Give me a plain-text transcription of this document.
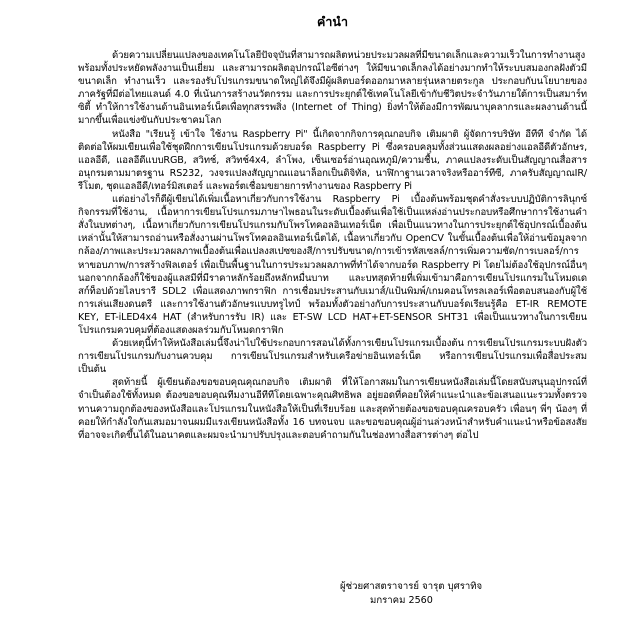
คำนำ

ด้วยความเปลี่ยนแปลงของเทคโนโลยีปัจจุบันที่สามารถผลิตหน่วยประมวลผลที่มีขนาดเล็กและความเร็วในการทำงานสูงพร้อมทั้งประหยัดพลังงานเป็นเยี่ยม และสามารถผลิตอุปกรณ์ไอซีต่างๆ ให้มีขนาดเล็กลงได้อย่างมากทำให้ระบบสมองกลฝังตัวมีขนาดเล็ก ทำงานเร็ว และรองรับโปรแกรมขนาดใหญ่ได้จึงมีผู้ผลิตบอร์ดออกมาหลายรุ่นหลายตระกูล ประกอบกับนโยบายของภาครัฐที่มีต่อไทยแลนด์ 4.0 ที่เน้นการสร้างนวัตกรรม และการประยุกต์ใช้เทคโนโลยีเข้ากับชีวิตประจำวันภายใต้การเป็นสมาร์ทซิตี้ ทำให้การใช้งานด้านอินเทอร์เน็ตเพื่อทุกสรรพสิ่ง (Internet of Thing) ยิ่งทำให้ต้องมีการพัฒนาบุคลากรและผลงานด้านนี้มากขึ้นเพื่อแข่งขันกับประชาคมโลก

หนังสือ "เรียนรู้ เข้าใจ ใช้งาน Raspberry Pi" นี้เกิดจากกิจการคุณกอบกิจ เติมผาติ ผู้จัดการบริษัท อีทีที จำกัด ได้ติดต่อให้ผมเขียนเพื่อใช้ชุดฝึกการเขียนโปรแกรมด้วยบอร์ด Raspberry Pi ซึ่งครอบคลุมทั้งส่วนแสดงผลอย่างแอลอีดีตัวอักษร, แอลอีดี, แอลอีดีแบบRGB, สวิทช์, สวิทช์4x4, ลำโพง, เซ็นเซอร์อ่านอุณหภูมิ/ความชื้น, ภาคแปลงระดับเป็นสัญญาณสื่อสารอนุกรมตามมาตรฐาน RS232, วงจรแปลงสัญญาณแอนาล็อกเป็นดิจิทัล, นาฬิกาฐานเวลาจริงหรืออาร์ทีซี, ภาครับสัญญาณIR/รีโมต, ชุดแอลอีดี/เทอร์มิสเตอร์ และพอร์ตเชื่อมขยายการทำงานของ Raspberry Pi

แต่อย่างไรก็ดีผู้เขียนได้เพิ่มเนื้อหาเกี่ยวกับการใช้งาน Raspberry Pi เบื้องต้นพร้อมชุดคำสั่งระบบปฏิบัติการลินุกซ์กิจกรรมที่ใช้งาน, เนื้อหาการเขียนโปรแกรมภาษาไพธอนในระดับเบื้องต้นเพื่อใช้เป็นแหล่งอ่านประกอบหรือศึกษาการใช้งานคำสั่งในบทต่างๆ, เนื้อหาเกี่ยวกับการเขียนโปรแกรมกับโพรโทคอลอินเทอร์เน็ต เพื่อเป็นแนวทางในการประยุกต์ใช้อุปกรณ์เบื้องต้นเหล่านั้นให้สามารถอ่านหรือสั่งงานผ่านโพรโทคอลอินเทอร์เน็ตได้, เนื้อหาเกี่ยวกับ OpenCV ในขั้นเบื้องต้นเพื่อให้อ่านข้อมูลจากกล้อง/ภาพและประมวลผลภาพเบื้องต้นเพื่อแปลงสเปซของสี/การปรับขนาด/การเข้ารหัสเซลล์/การเพิ่มความชัด/การเบลอร์/การหาขอบภาพ/การสร้างฟิลเตอร์ เพื่อเป็นพื้นฐานในการประมวลผลภาพที่ทำได้จากบอร์ด Raspberry Pi โดยไม่ต้องใช้อุปกรณ์อื่นๆ นอกจากกล้องก็ใช้ของผู้แลสมีที่มีราคาหลักร้อยถึงหลักหมื่นบาท และบทสุดท้ายที่เพิ่มเข้ามาคือการเขียนโปรแกรมในโหมดเดสก์ท็อปด้วยไลบรารี SDL2 เพื่อแสดงภาพกราฟิก การเชื่อมประสานกับเมาส์/แป้นพิมพ์/เกมคอนโทรลเลอร์เพื่อตอบสนองกับผู้ใช้ การเล่นเสียงดนตรี และการใช้งานตัวอักษรแบบทรูไทป์ พร้อมทั้งตัวอย่างกับการประสานกับบอร์ดเรียนรู้คือ ET-IR REMOTE KEY, ET-iLED4x4 HAT (สำหรับการรับ IR) และ ET-SW LCD HAT+ET-SENSOR SHT31 เพื่อเป็นแนวทางในการเขียนโปรแกรมควบคุมที่ต้องแสดงผลร่วมกับโหมดกราฟิก

ด้วยเหตุนี้ทำให้หนังสือเล่มนี้จึงน่าไปใช้ประกอบการสอนได้ทั้งการเขียนโปรแกรมเบื้องต้น การเขียนโปรแกรมระบบฝังตัว การเขียนโปรแกรมกับงานควบคุม การเขียนโปรแกรมสำหรับเครือข่ายอินเทอร์เน็ต หรือการเขียนโปรแกรมเพื่อสื่อประสม เป็นต้น

สุดท้ายนี้ ผู้เขียนต้องขอขอบคุณคุณกอบกิจ เติมผาติ ที่ให้โอกาสผมในการเขียนหนังสือเล่มนี้โดยสนับสนุนอุปกรณ์ที่จำเป็นต้องใช้ทั้งหมด ต้องขอขอบคุณทีมงานอีทีทีโดยเฉพาะคุณศิทธิพล อยู่ยอดที่คอยให้คำแนะนำและข้อเสนอแนะรวมทั้งตรวจทานความถูกต้องของหนังสือและโปรแกรมในหนังสือให้เป็นที่เรียบร้อย และสุดท้ายต้องขอขอบคุณครอบครัว เพื่อนๆ พี่ๆ น้องๆ ที่คอยให้กำลังใจกันเสมอมาจนผมมีแรงเขียนหนังสือทั้ง 16 บทจนจบ และขอขอบคุณผู้อ่านล่วงหน้าสำหรับคำแนะนำหรือข้อสงสัยที่อาจจะเกิดขึ้นได้ในอนาคตและผมจะนำมาปรับปรุงและตอบคำถามกันในช่องทางสื่อสารต่างๆ ต่อไป

ผู้ช่วยศาสตราจารย์ จารุต บุศราทิจ
มกราคม 2560
